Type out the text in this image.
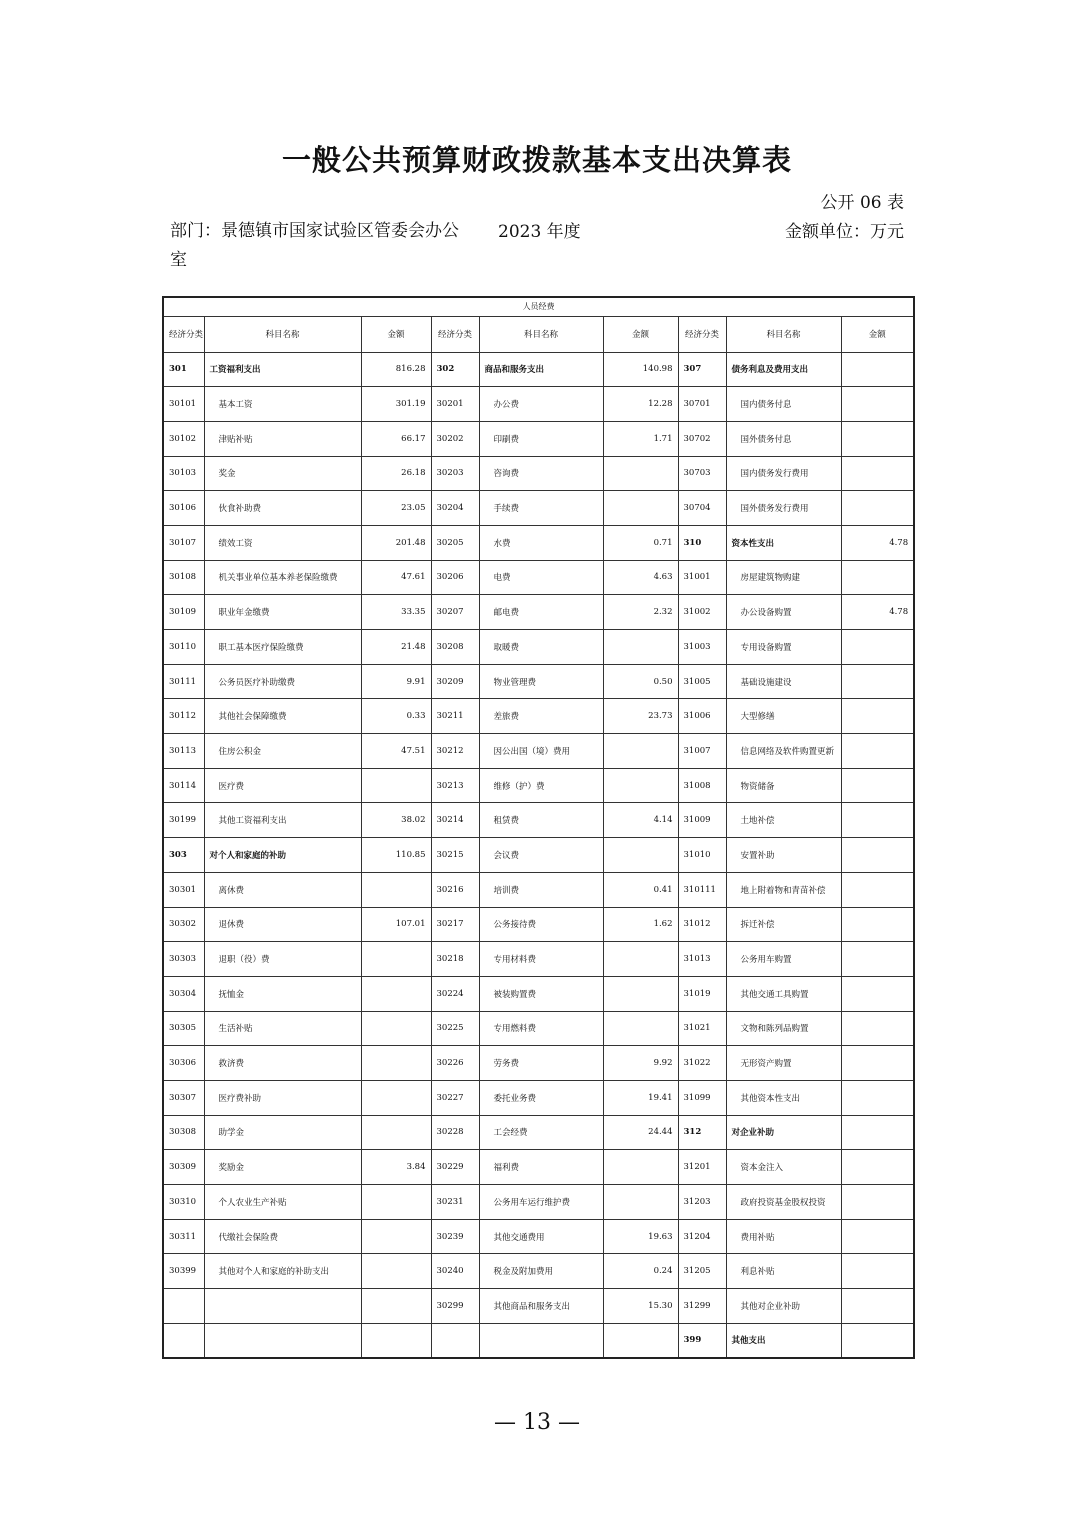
一般公共预算财政拨款基本支出决算表
公开 06 表
部门：景德镇市国家试验区管委会办公室
2023 年度	金额单位：万元
人员经费								
经济分类	科目名称	金额	经济分类	科目名称	金额	经济分类	科目名称	金额
301	工资福利支出	816.28	302	商品和服务支出	140.98	307	债务利息及费用支出	
30101	基本工资	301.19	30201	办公费	12.28	30701	国内债务付息	
30102	津贴补贴	66.17	30202	印刷费	1.71	30702	国外债务付息	
30103	奖金	26.18	30203	咨询费		30703	国内债务发行费用	
30106	伙食补助费	23.05	30204	手续费		30704	国外债务发行费用	
30107	绩效工资	201.48	30205	水费	0.71	310	资本性支出	4.78
30108	机关事业单位基本养老保险缴费	47.61	30206	电费	4.63	31001	房屋建筑物购建	
30109	职业年金缴费	33.35	30207	邮电费	2.32	31002	办公设备购置	4.78
30110	职工基本医疗保险缴费	21.48	30208	取暖费		31003	专用设备购置	
30111	公务员医疗补助缴费	9.91	30209	物业管理费	0.50	31005	基础设施建设	
30112	其他社会保障缴费	0.33	30211	差旅费	23.73	31006	大型修缮	
30113	住房公积金	47.51	30212	因公出国（境）费用		31007	信息网络及软件购置更新	
30114	医疗费		30213	维修（护）费		31008	物资储备	
30199	其他工资福利支出	38.02	30214	租赁费	4.14	31009	土地补偿	
303	对个人和家庭的补助	110.85	30215	会议费		31010	安置补助	
30301	离休费		30216	培训费	0.41	310111	地上附着物和青苗补偿	
30302	退休费	107.01	30217	公务接待费	1.62	31012	拆迁补偿	
30303	退职（役）费		30218	专用材料费		31013	公务用车购置	
30304	抚恤金		30224	被装购置费		31019	其他交通工具购置	
30305	生活补贴		30225	专用燃料费		31021	文物和陈列品购置	
30306	救济费		30226	劳务费	9.92	31022	无形资产购置	
30307	医疗费补助		30227	委托业务费	19.41	31099	其他资本性支出	
30308	助学金		30228	工会经费	24.44	312	对企业补助	
30309	奖励金	3.84	30229	福利费		31201	资本金注入	
30310	个人农业生产补贴		30231	公务用车运行维护费		31203	政府投资基金股权投资	
30311	代缴社会保险费		30239	其他交通费用	19.63	31204	费用补贴	
30399	其他对个人和家庭的补助支出		30240	税金及附加费用	0.24	31205	利息补贴	
			30299	其他商品和服务支出	15.30	31299	其他对企业补助	
						399	其他支出	
— 13 —
